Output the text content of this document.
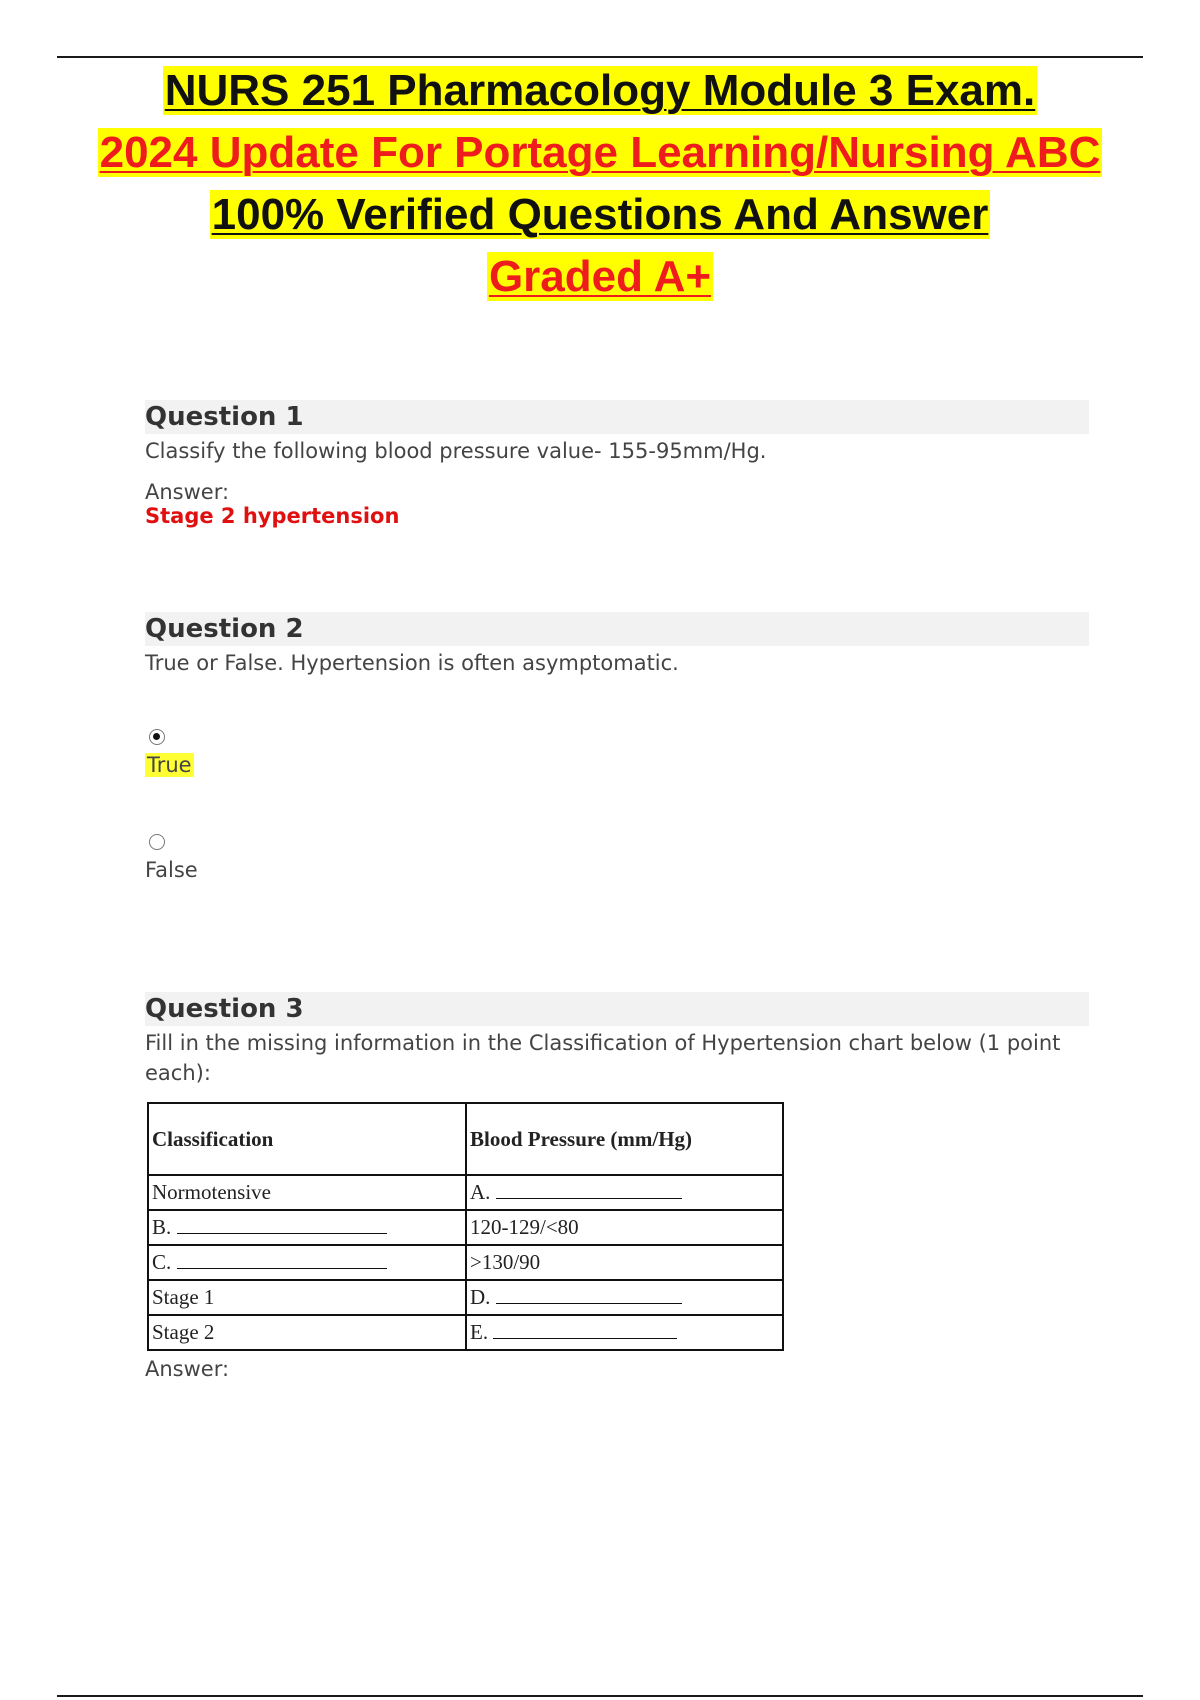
NURS 251 Pharmacology Module 3 Exam.
2024 Update For Portage Learning/Nursing ABC
100% Verified Questions And Answer
Graded A+
Question 1
Classify the following blood pressure value- 155-95mm/Hg.
Answer:
Stage 2 hypertension
Question 2
True or False. Hypertension is often asymptomatic.
True
False
Question 3
Fill in the missing information in the Classification of Hypertension chart below (1 point each):
Classification	Blood Pressure (mm/Hg)
Normotensive	A.
B.	120-129/<80
C.	>130/90
Stage 1	D.
Stage 2	E.
Answer:
